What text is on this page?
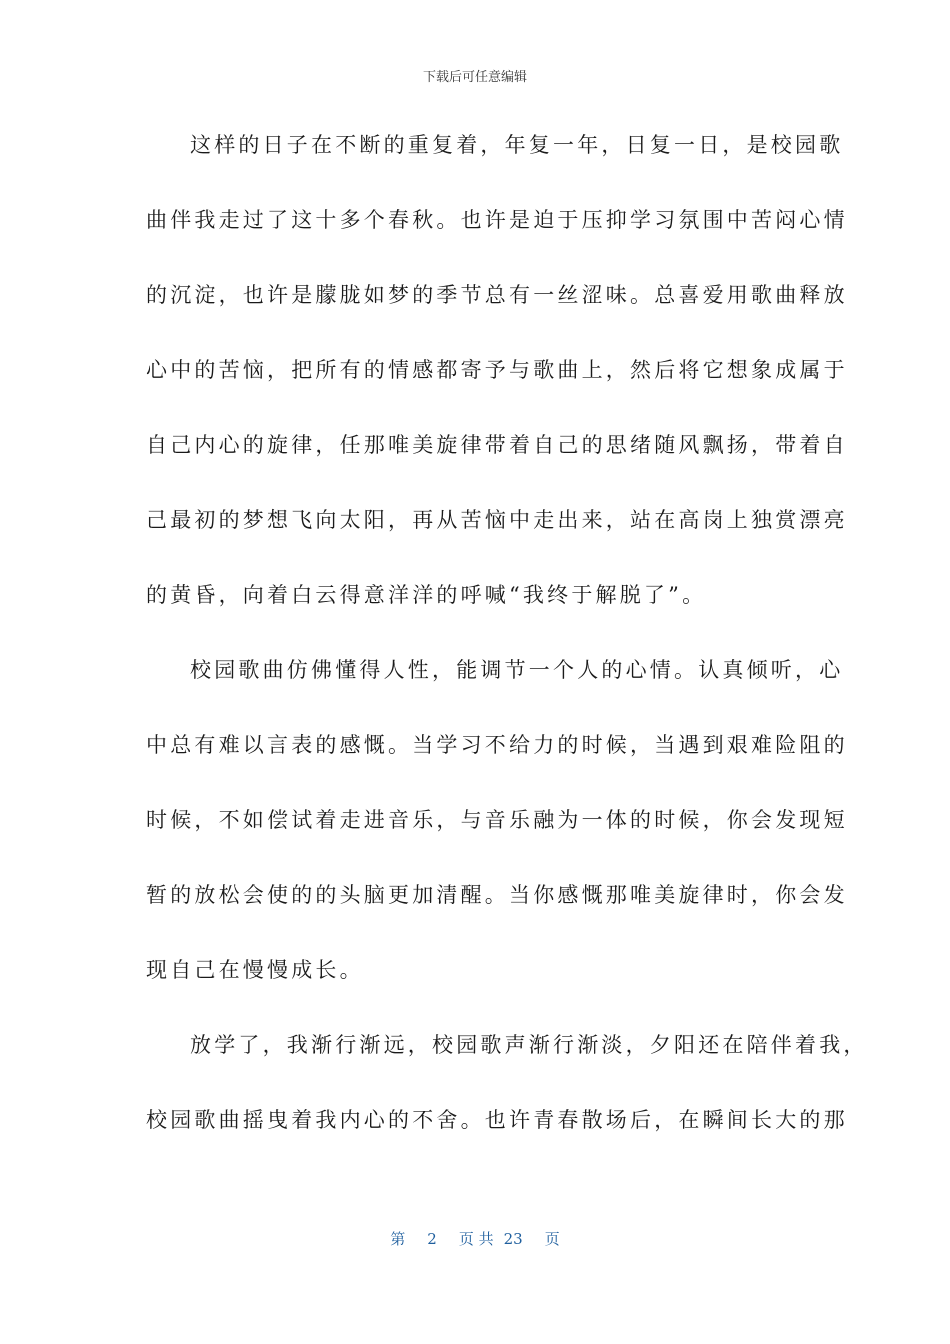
下载后可任意编辑
这样的日子在不断的重复着，年复一年，日复一日，是校园歌
曲伴我走过了这十多个春秋。也许是迫于压抑学习氛围中苦闷心情
的沉淀，也许是朦胧如梦的季节总有一丝涩味。总喜爱用歌曲释放
心中的苦恼，把所有的情感都寄予与歌曲上，然后将它想象成属于
自己内心的旋律，任那唯美旋律带着自己的思绪随风飘扬，带着自
己最初的梦想飞向太阳，再从苦恼中走出来，站在高岗上独赏漂亮
的黄昏，向着白云得意洋洋的呼喊“我终于解脱了”。
校园歌曲仿佛懂得人性，能调节一个人的心情。认真倾听，心
中总有难以言表的感慨。当学习不给力的时候，当遇到艰难险阻的
时候，不如偿试着走进音乐，与音乐融为一体的时候，你会发现短
暂的放松会使的的头脑更加清醒。当你感慨那唯美旋律时，你会发
现自己在慢慢成长。
放学了，我渐行渐远，校园歌声渐行渐淡，夕阳还在陪伴着我，
校园歌曲摇曳着我内心的不舍。也许青春散场后，在瞬间长大的那
第 2 页 共 23 页
